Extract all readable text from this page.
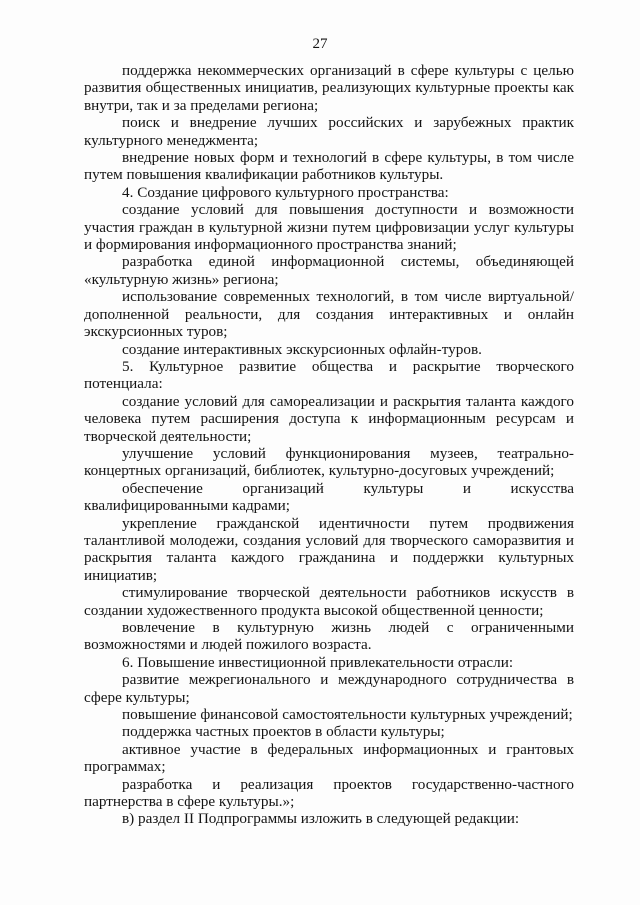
27

поддержка некоммерческих организаций в сфере культуры с целью развития общественных инициатив, реализующих культурные проекты как внутри, так и за пределами региона;

поиск и внедрение лучших российских и зарубежных практик культурного менеджмента;

внедрение новых форм и технологий в сфере культуры, в том числе путем повышения квалификации работников культуры.

4. Создание цифрового культурного пространства:

создание условий для повышения доступности и возможности участия граждан в культурной жизни путем цифровизации услуг культуры и формирования информационного пространства знаний;

разработка единой информационной системы, объединяющей «культурную жизнь» региона;

использование современных технологий, в том числе виртуальной/дополненной реальности, для создания интерактивных и онлайн экскурсионных туров;

создание интерактивных экскурсионных офлайн-туров.

5. Культурное развитие общества и раскрытие творческого потенциала:

создание условий для самореализации и раскрытия таланта каждого человека путем расширения доступа к информационным ресурсам и творческой деятельности;

улучшение условий функционирования музеев, театрально-концертных организаций, библиотек, культурно-досуговых учреждений;

обеспечение организаций культуры и искусства квалифицированными кадрами;

укрепление гражданской идентичности путем продвижения талантливой молодежи, создания условий для творческого саморазвития и раскрытия таланта каждого гражданина и поддержки культурных инициатив;

стимулирование творческой деятельности работников искусств в создании художественного продукта высокой общественной ценности;

вовлечение в культурную жизнь людей с ограниченными возможностями и людей пожилого возраста.

6. Повышение инвестиционной привлекательности отрасли:

развитие межрегионального и международного сотрудничества в сфере культуры;

повышение финансовой самостоятельности культурных учреждений;

поддержка частных проектов в области культуры;

активное участие в федеральных информационных и грантовых программах;

разработка и реализация проектов государственно-частного партнерства в сфере культуры.»;

в) раздел II Подпрограммы изложить в следующей редакции:
